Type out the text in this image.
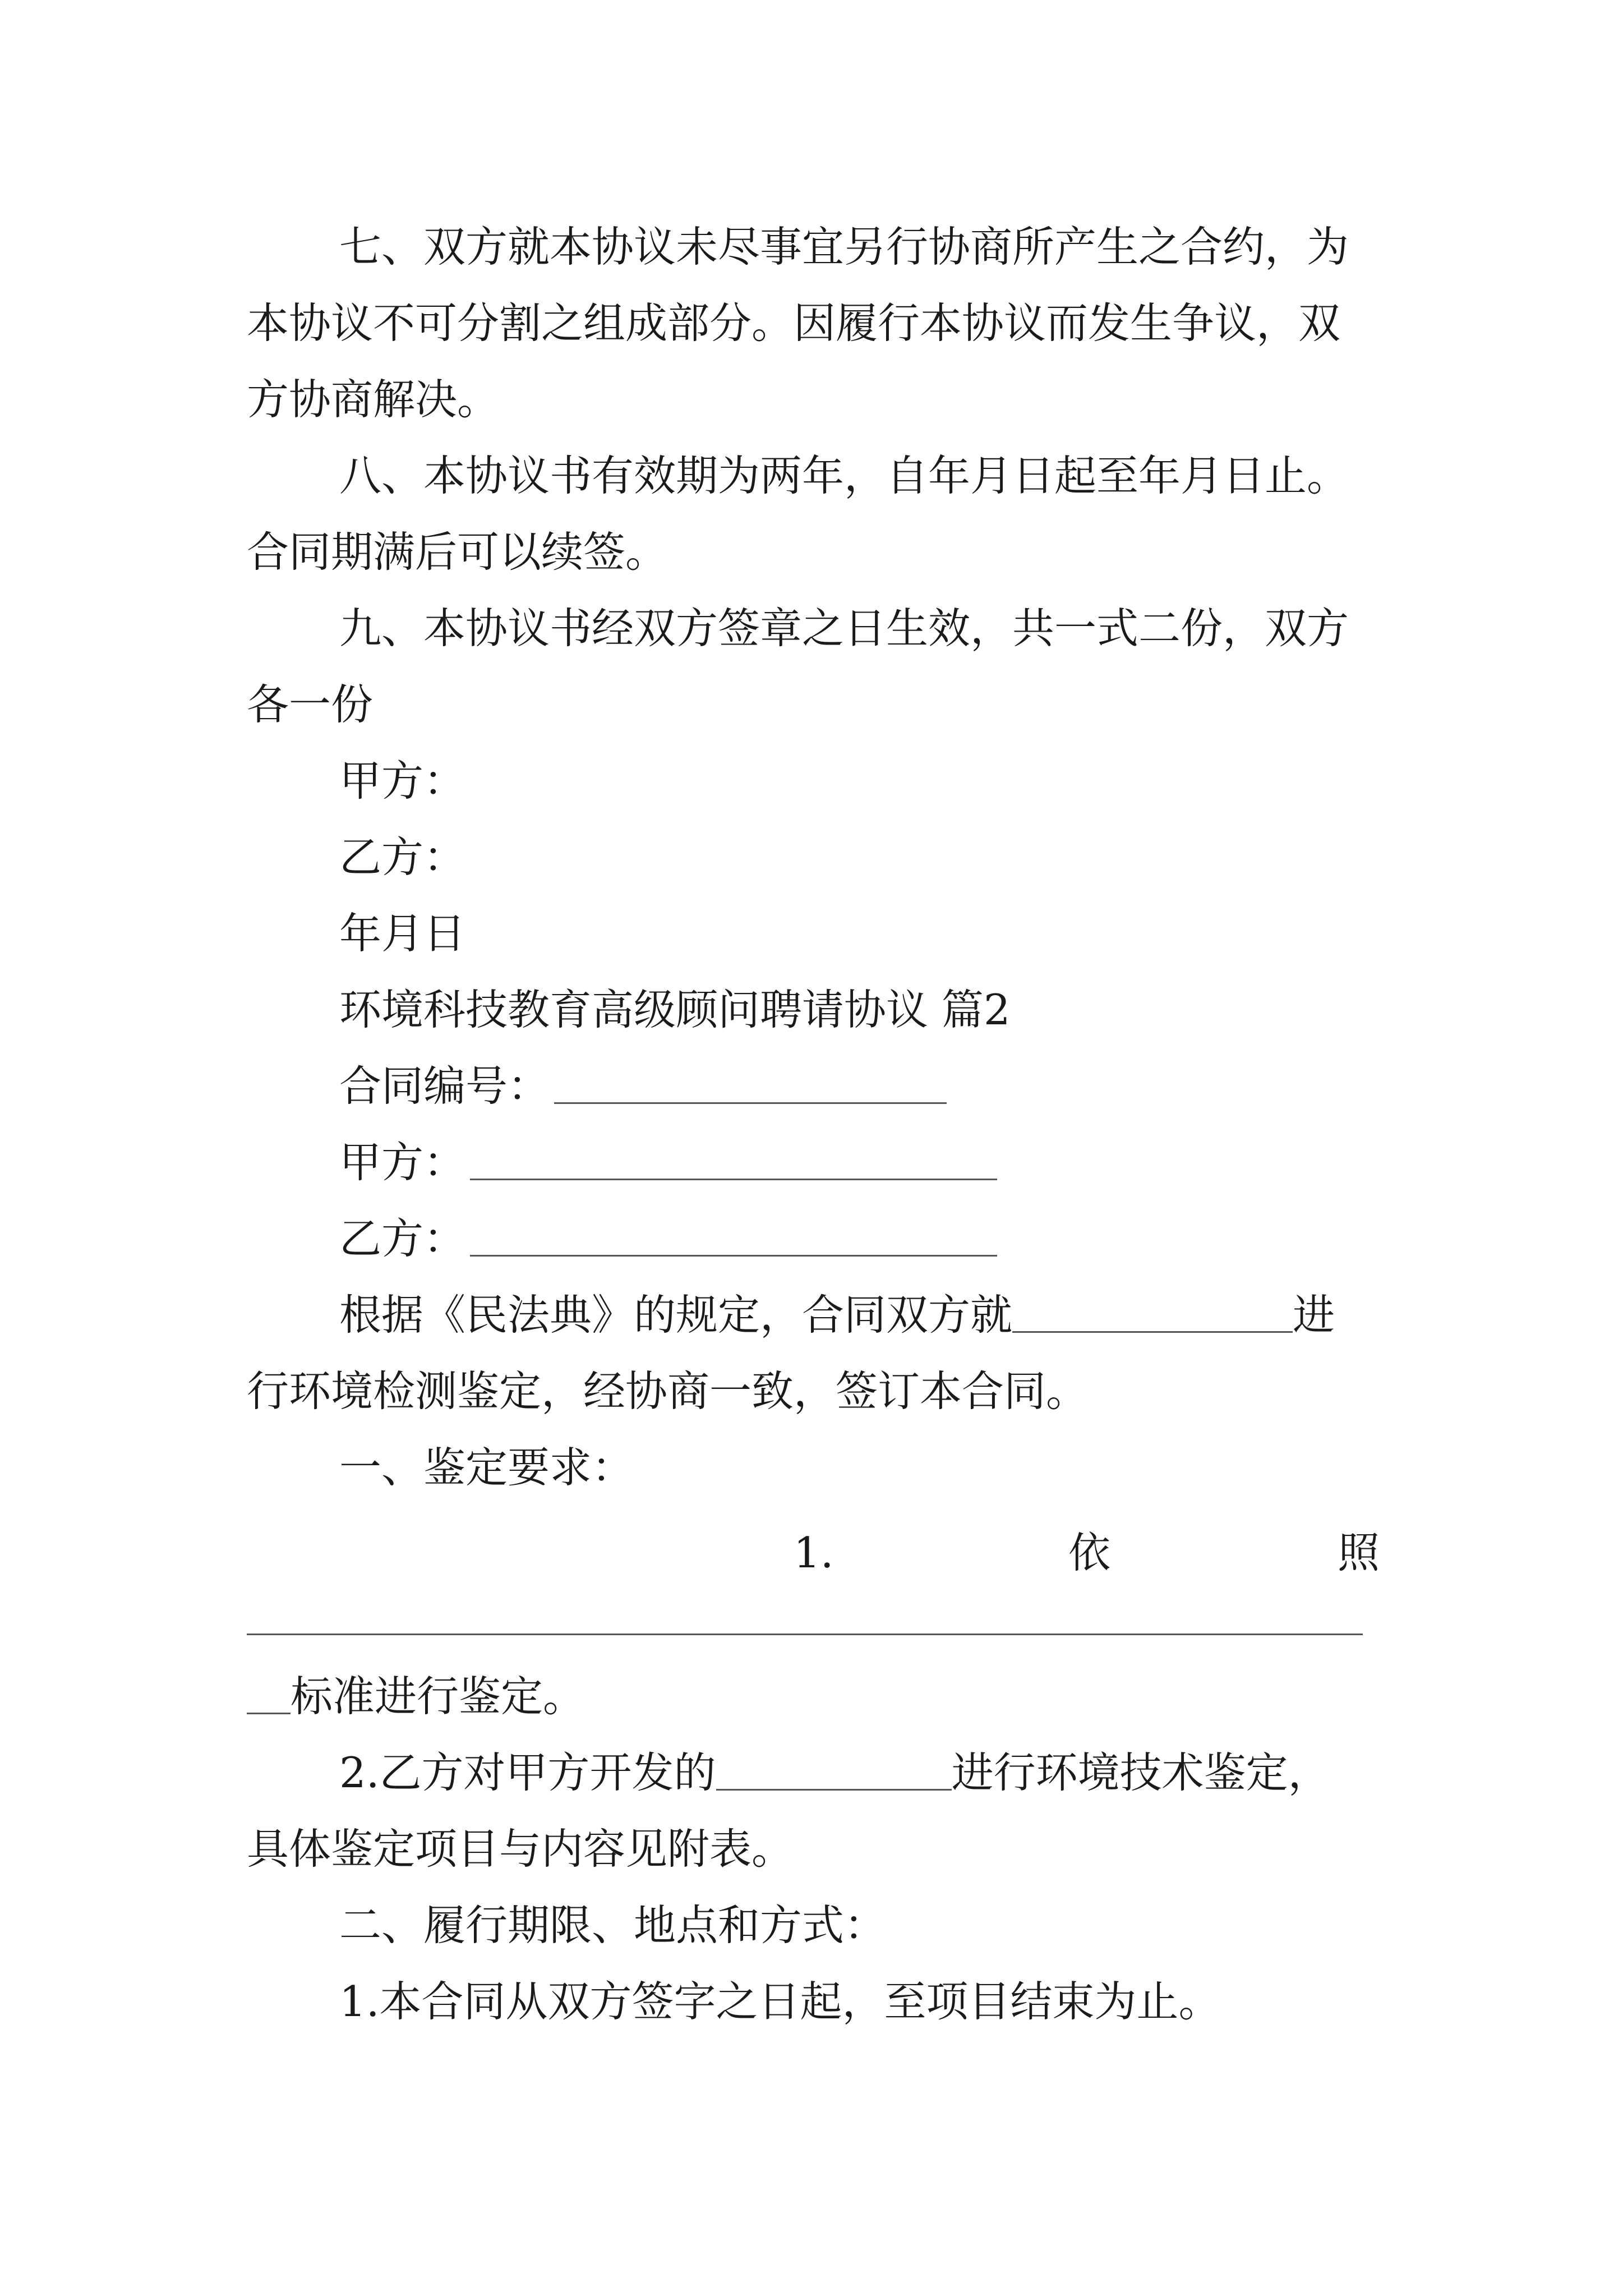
七、双方就本协议未尽事宜另行协商所产生之合约，为
本协议不可分割之组成部分。因履行本协议而发生争议，双
方协商解决。
八、本协议书有效期为两年，自年月日起至年月日止。
合同期满后可以续签。
九、本协议书经双方签章之日生效，共一式二份，双方
各一份
甲方：
乙方：
年月日
环境科技教育高级顾问聘请协议 篇2
合同编号：
甲方：
乙方：
根据《民法典》的规定，合同双方就	进
行环境检测鉴定，经协商一致，签订本合同。
一、鉴定要求：
1.	依	照
标准进行鉴定。
2.乙方对甲方开发的	进行环境技术鉴定，
具体鉴定项目与内容见附表。
二、履行期限、地点和方式：
1.本合同从双方签字之日起，至项目结束为止。
